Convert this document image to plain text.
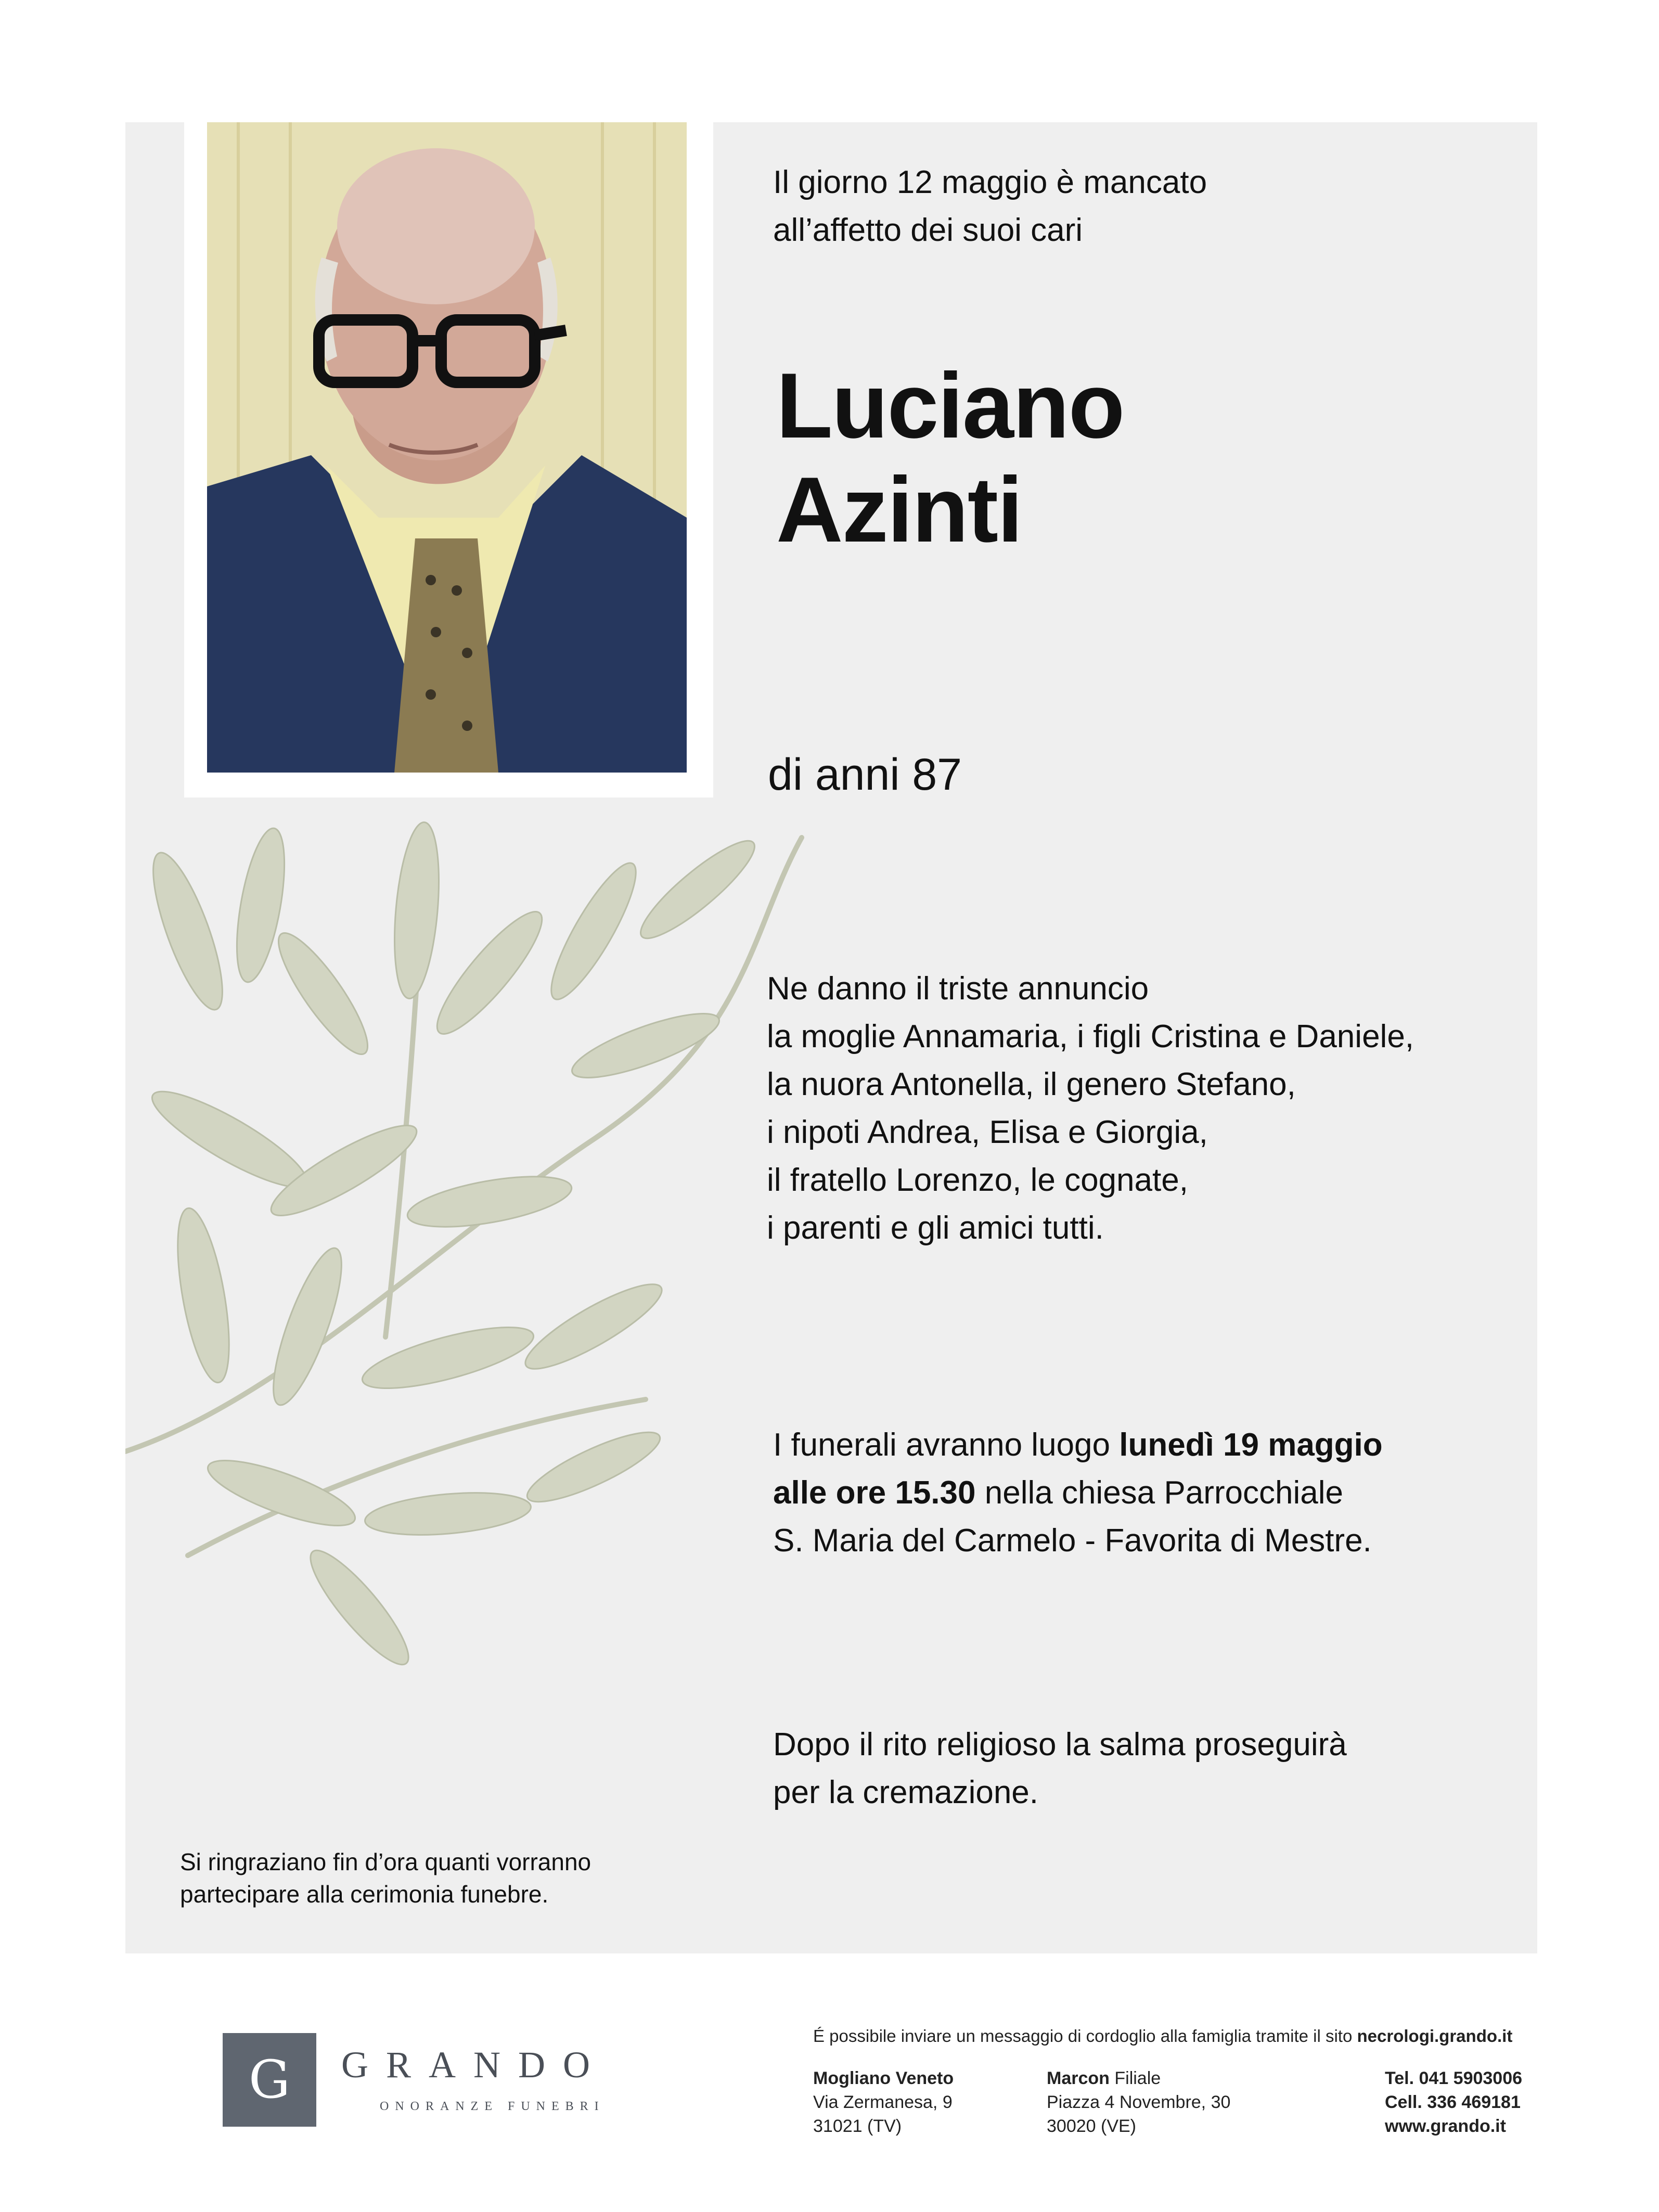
Il giorno 12 maggio è mancato
all’affetto dei suoi cari

Luciano
Azinti

di anni 87

Ne danno il triste annuncio
la moglie Annamaria, i figli Cristina e Daniele,
la nuora Antonella, il genero Stefano,
i nipoti Andrea, Elisa e Giorgia,
il fratello Lorenzo, le cognate,
i parenti e gli amici tutti.

I funerali avranno luogo lunedì 19 maggio
alle ore 15.30 nella chiesa Parrocchiale
S. Maria del Carmelo - Favorita di Mestre.

Dopo il rito religioso la salma proseguirà
per la cremazione.

Si ringraziano fin d’ora quanti vorranno
partecipare alla cerimonia funebre.

G GRANDO

ONORANZE FUNEBRI

É possibile inviare un messaggio di cordoglio alla famiglia tramite il sito necrologi.grando.it

Mogliano Veneto
Via Zermanesa, 9
31021 (TV)

Marcon Filiale
Piazza 4 Novembre, 30
30020 (VE)

Tel. 041 5903006
Cell. 336 469181
www.grando.it
